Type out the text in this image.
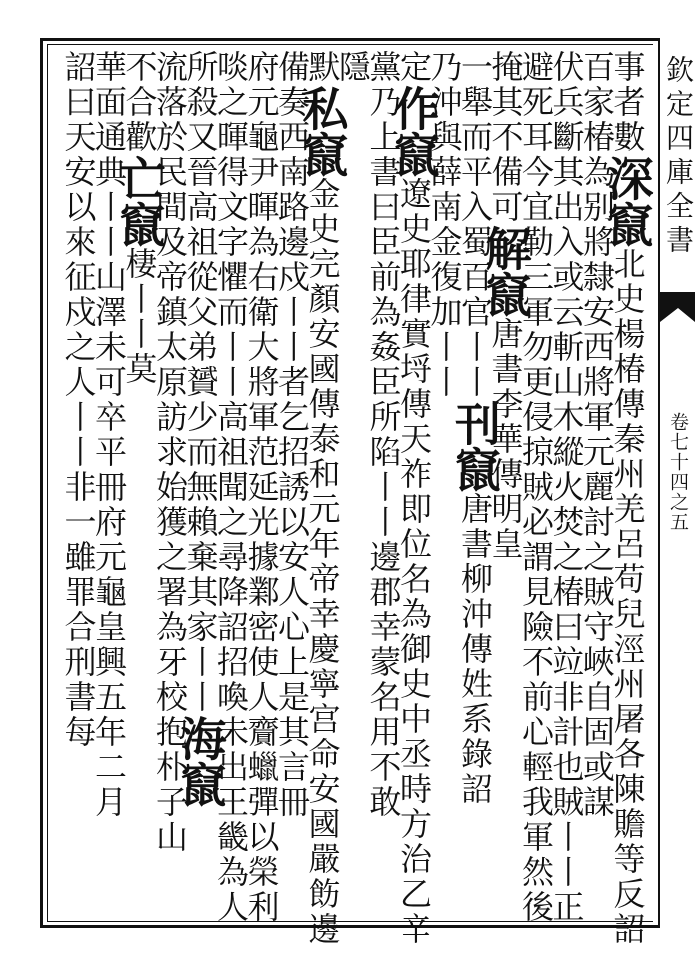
欽定四庫全書
卷七十四之五
事者數深竄北史楊椿傳秦州羌呂苟兒涇州屠各陳贍等反詔
百家椿為别將隸安西將軍元麗討之賊守峽自固或謀
伏兵斷其出入或云斬山木縱火焚之椿曰竝非計也賊丨丨正
避死耳今宜勒三軍勿更侵掠賊必謂見險不前心輕我軍然後
掩其不備可解竄唐書李華傳明皇
一舉而平入蜀百官丨丨刊竄唐書柳沖傳姓系錄詔
乃沖與薛南金復加丨丨
定作竄遼史耶律實埒傳天祚即位名為御史中丞時方治乙辛
黨乃上書曰臣前為姦臣所陷丨丨邊郡幸蒙名用不敢
隱
默私竄金史完顏安國傳泰和元年帝幸慶寧宫命安國嚴飭邊
備奏西南路邊戍丨丨者乞招誘以安人心上是其言冊
府元龜尹暉為右衛大將軍范延光據鄴密使人齎蠟彈以榮利
啖之暉得文字懼而丨丨高祖聞之尋降詔招喚未出王畿為人
所殺又晉高祖從父弟贇少而無賴棄其家丨丨海竄
流落於民間及帝鎮太原訪求始獲之署為牙校抱朴子山
不合歡亡竄棲丨丨莫
華面通典丨丨山澤未可卒平冊府元龜皇興五年二月
詔曰天安以來征戍之人丨丨非一雖罪合刑書每
